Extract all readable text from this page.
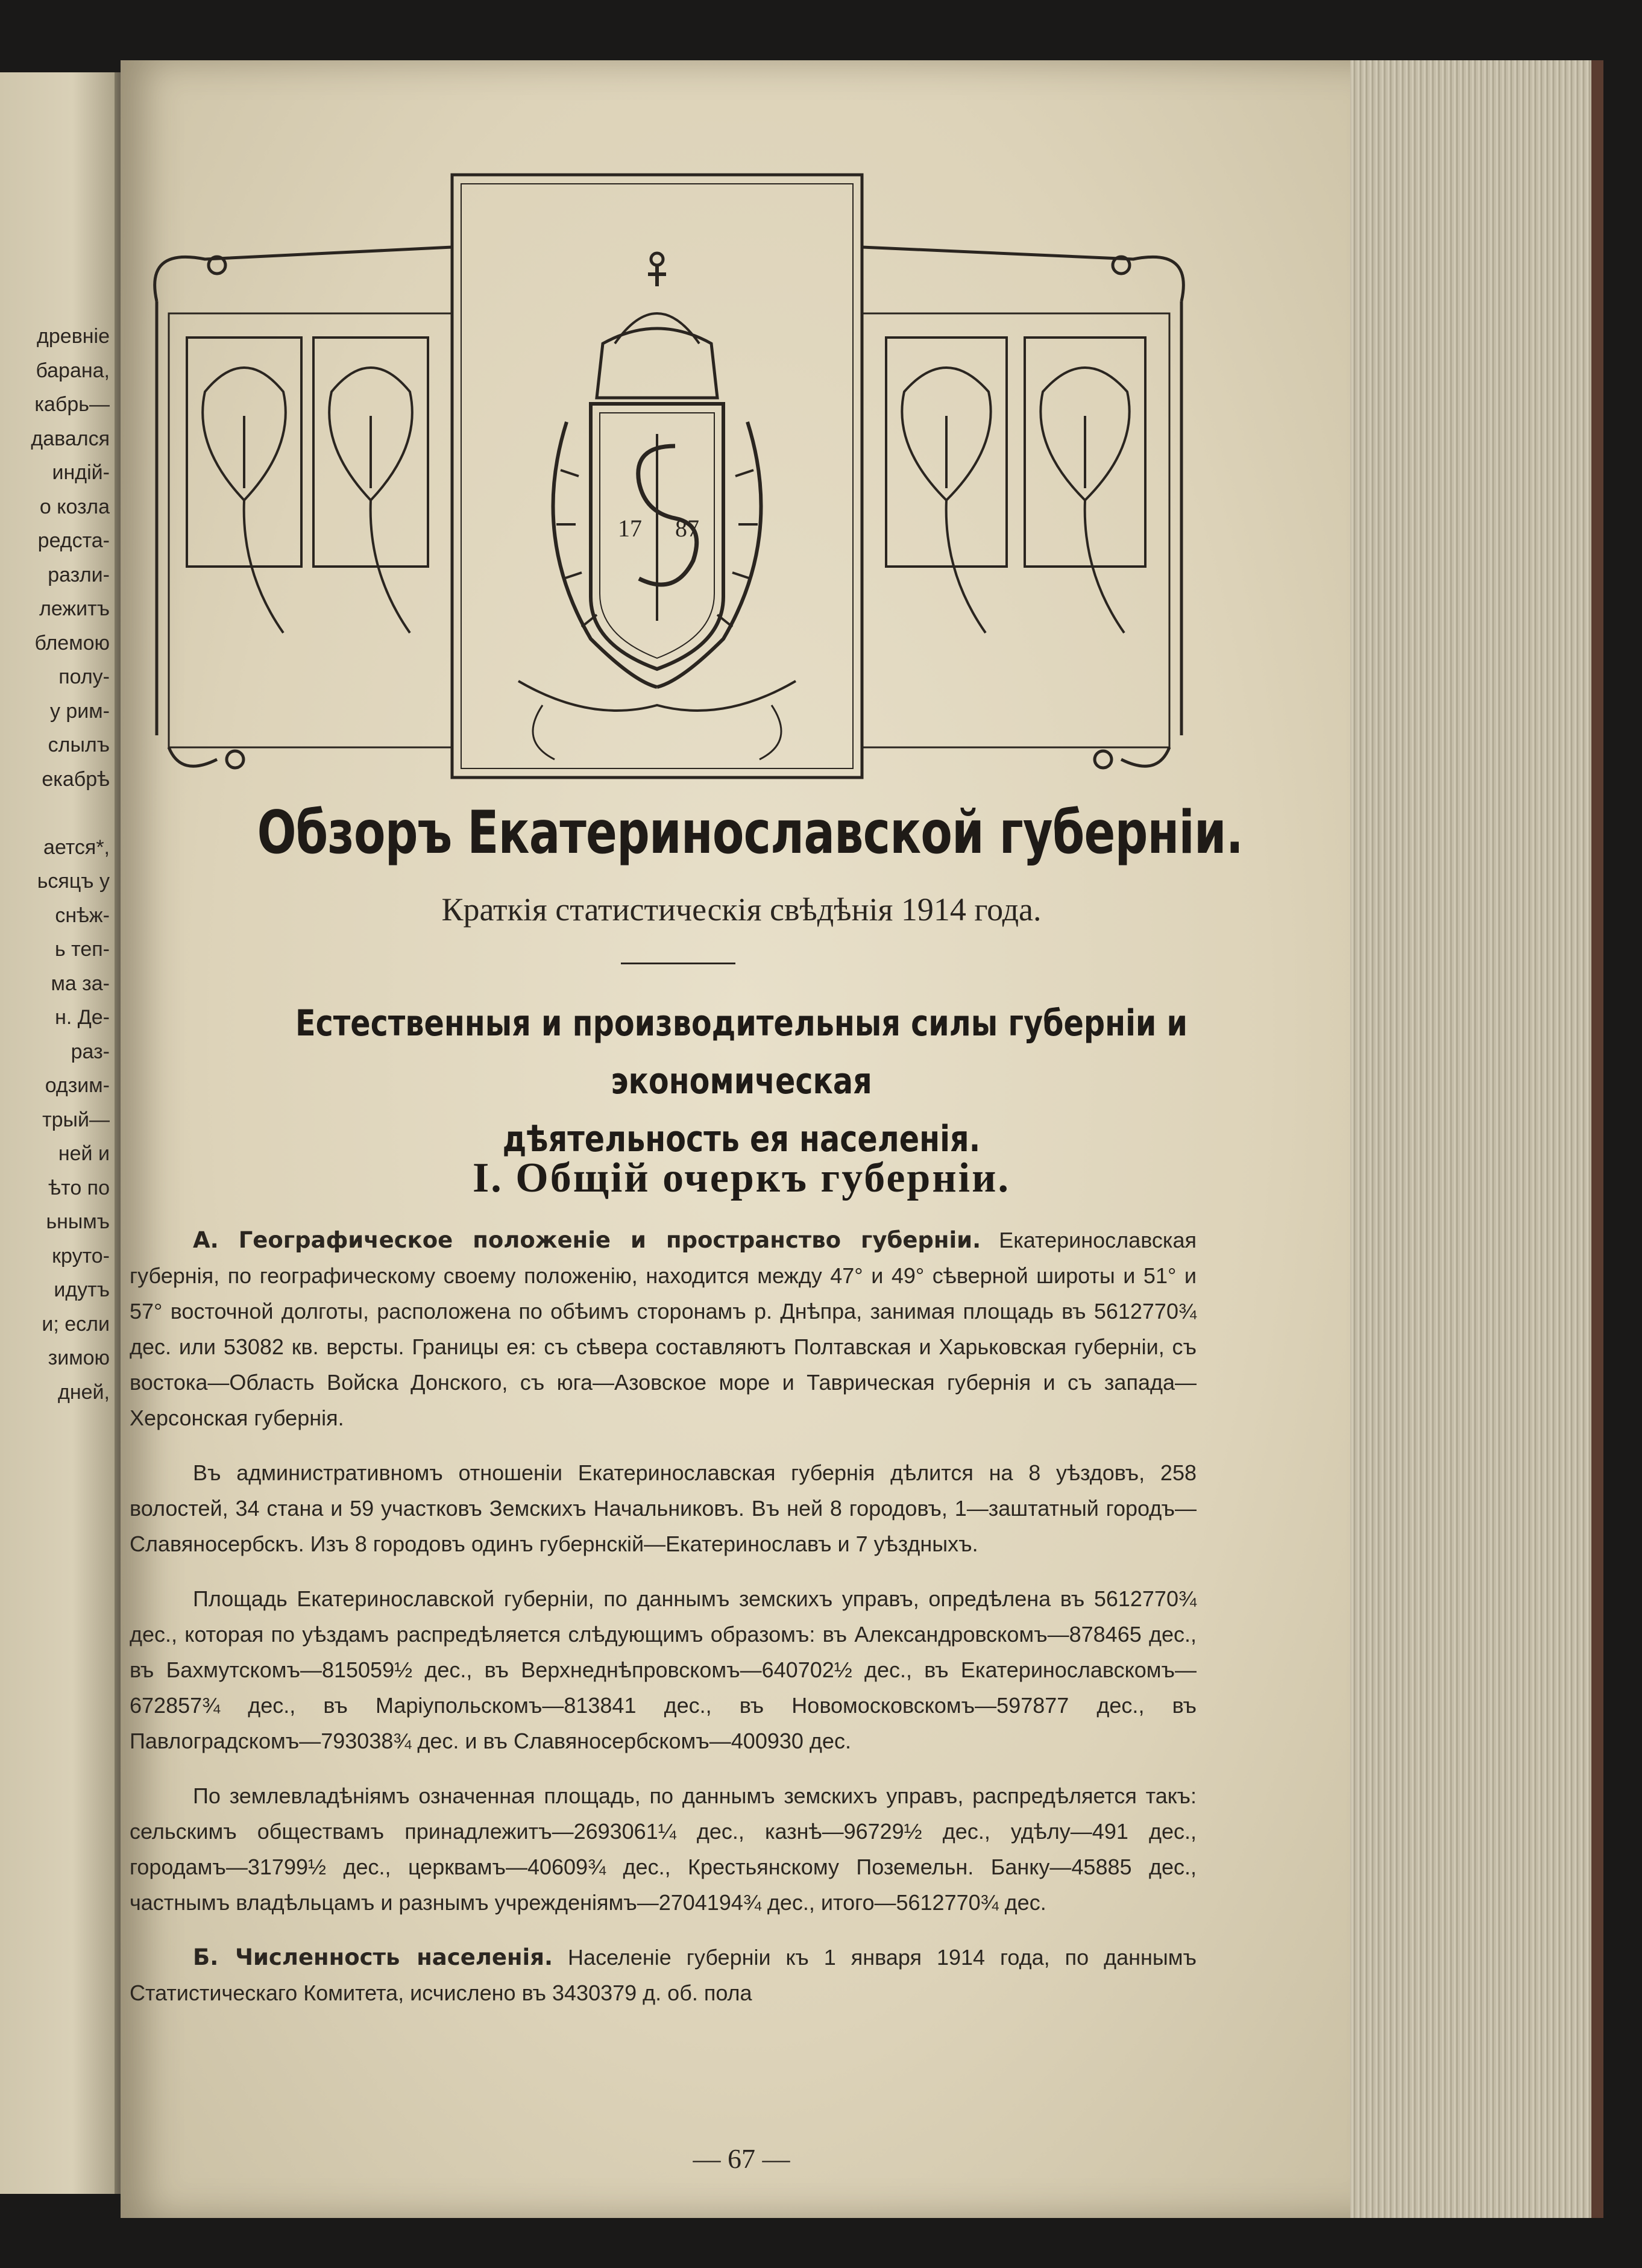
древнiе
барана,
кабрь—
давался
индiй-
о козла
редста-
разли-
лежитъ
блемою
полу-
у рим-
слылъ
екабрѣ
ается*,
ьсяцъ у
снѣж-
ь теп-
ма за-
н. Де-
раз-
одзим-
трый—
ней и
ѣто по
ьнымъ
круто-
идутъ
и; если
зимою
дней,
17 87
Обзоръ Екатеринославской губернiи.
Краткiя статистическiя свѣдѣнiя 1914 года.
Естественныя и производительныя силы губернiи и экономическая
дѣятельность ея населенiя.
I. Общiй очеркъ губернiи.

А. Географическое положенiе и пространство губернiи. Екатеринославская губернiя, по географическому своему положенiю, находится между 47° и 49° сѣверной широты и 51° и 57° восточной долготы, расположена по обѣимъ сторонамъ р. Днѣпра, занимая площадь въ 5612770¾ дес. или 53082 кв. версты. Границы ея: съ сѣвера составляютъ Полтавская и Харьковская губернiи, съ востока—Область Войска Донского, съ юга—Азовское море и Таврическая губернiя и съ запада—Херсонская губернiя.

Въ административномъ отношенiи Екатеринославская губернiя дѣлится на 8 уѣздовъ, 258 волостей, 34 стана и 59 участковъ Земскихъ Начальниковъ. Въ ней 8 городовъ, 1—заштатный городъ—Славяносербскъ. Изъ 8 городовъ одинъ губернскiй—Екатеринославъ и 7 уѣздныхъ.

Площадь Екатеринославской губернiи, по даннымъ земскихъ управъ, опредѣлена въ 5612770¾ дес., которая по уѣздамъ распредѣляется слѣдующимъ образомъ: въ Александровскомъ—878465 дес., въ Бахмутскомъ—815059½ дес., въ Верхнеднѣпровскомъ—640702½ дес., въ Екатеринославскомъ—672857¾ дес., въ Марiупольскомъ—813841 дес., въ Новомосковскомъ—597877 дес., въ Павлоградскомъ—793038¾ дес. и въ Славяносербскомъ—400930 дес.

По землевладѣнiямъ означенная площадь, по даннымъ земскихъ управъ, распредѣляется такъ: сельскимъ обществамъ принадлежитъ—2693061¼ дес., казнѣ—96729½ дес., удѣлу—491 дес., городамъ—31799½ дес., церквамъ—40609¾ дес., Крестьянскому Поземельн. Банку—45885 дес., частнымъ владѣльцамъ и разнымъ учрежденiямъ—2704194¾ дес., итого—5612770¾ дес.

Б. Численность населенiя. Населенiе губернiи къ 1 января 1914 года, по даннымъ Статистическаго Комитета, исчислено въ 3430379 д. об. пола

— 67 —
